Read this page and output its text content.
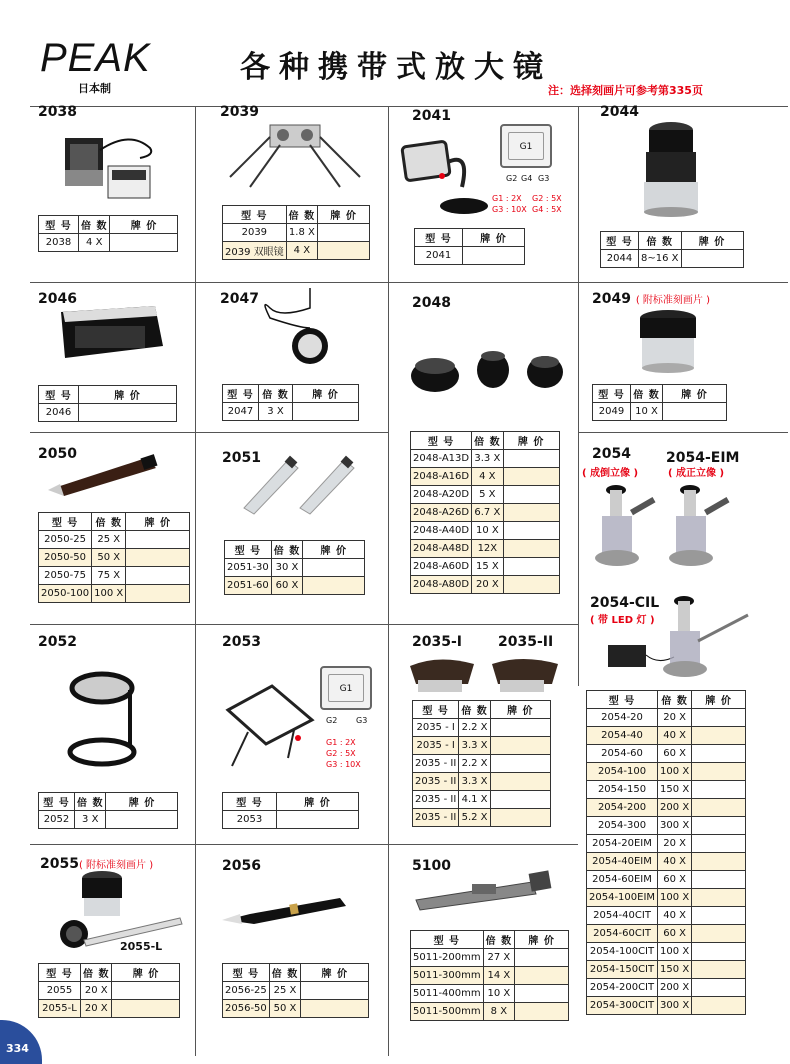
PEAK
日本制
各种携带式放大镜
注：选择刻画片可参考第335页
2038
型 号	倍 数	牌 价
2038	4 X	
2039
型 号	倍 数	牌 价
2039	1.8 X	
2039 双眼镜	4 X	
2041
G1
G2 G4 G3
G1 : 2X G2 : 5X
G3 : 10X G4 : 5X
型 号	牌 价
2041	
2044
型 号	倍 数	牌 价
2044	8~16 X	
2046
型 号	牌 价
2046	
2047
型 号	倍 数	牌 价
2047	3 X	
2048
型 号	倍 数	牌 价
2048-A13D	3.3 X	
2048-A16D	4 X	
2048-A20D	5 X	
2048-A26D	6.7 X	
2048-A40D	10 X	
2048-A48D	12X	
2048-A60D	15 X	
2048-A80D	20 X	
2049 ( 附标准刻画片 )
型 号	倍 数	牌 价
2049	10 X	
2050
型 号	倍 数	牌 价
2050-25	25 X	
2050-50	50 X	
2050-75	75 X	
2050-100	100 X	
2051
型 号	倍 数	牌 价
2051-30	30 X	
2051-60	60 X	
2054
( 成倒立像 )
2054-EIM
( 成正立像 )
2054-CIL
( 带 LED 灯 )
型 号	倍 数	牌 价
2054-20	20 X	
2054-40	40 X	
2054-60	60 X	
2054-100	100 X	
2054-150	150 X	
2054-200	200 X	
2054-300	300 X	
2054-20EIM	20 X	
2054-40EIM	40 X	
2054-60EIM	60 X	
2054-100EIM	100 X	
2054-40CIT	40 X	
2054-60CIT	60 X	
2054-100CIT	100 X	
2054-150CIT	150 X	
2054-200CIT	200 X	
2054-300CIT	300 X	
2052
型 号	倍 数	牌 价
2052	3 X	
2053
G1
G2 G3
G1 : 2X
G2 : 5X
G3 : 10X
型 号	牌 价
2053	
2035-I	2035-II
型 号	倍 数	牌 价
2035 - I	2.2 X	
2035 - I	3.3 X	
2035 - II	2.2 X	
2035 - II	3.3 X	
2035 - II	4.1 X	
2035 - II	5.2 X	
2055( 附标准刻画片 )
2055-L
型 号	倍 数	牌 价
2055	20 X	
2055-L	20 X	
2056
型 号	倍 数	牌 价
2056-25	25 X	
2056-50	50 X	
5100
型 号	倍 数	牌 价
5011-200mm	27 X	
5011-300mm	14 X	
5011-400mm	10 X	
5011-500mm	8 X	
334
